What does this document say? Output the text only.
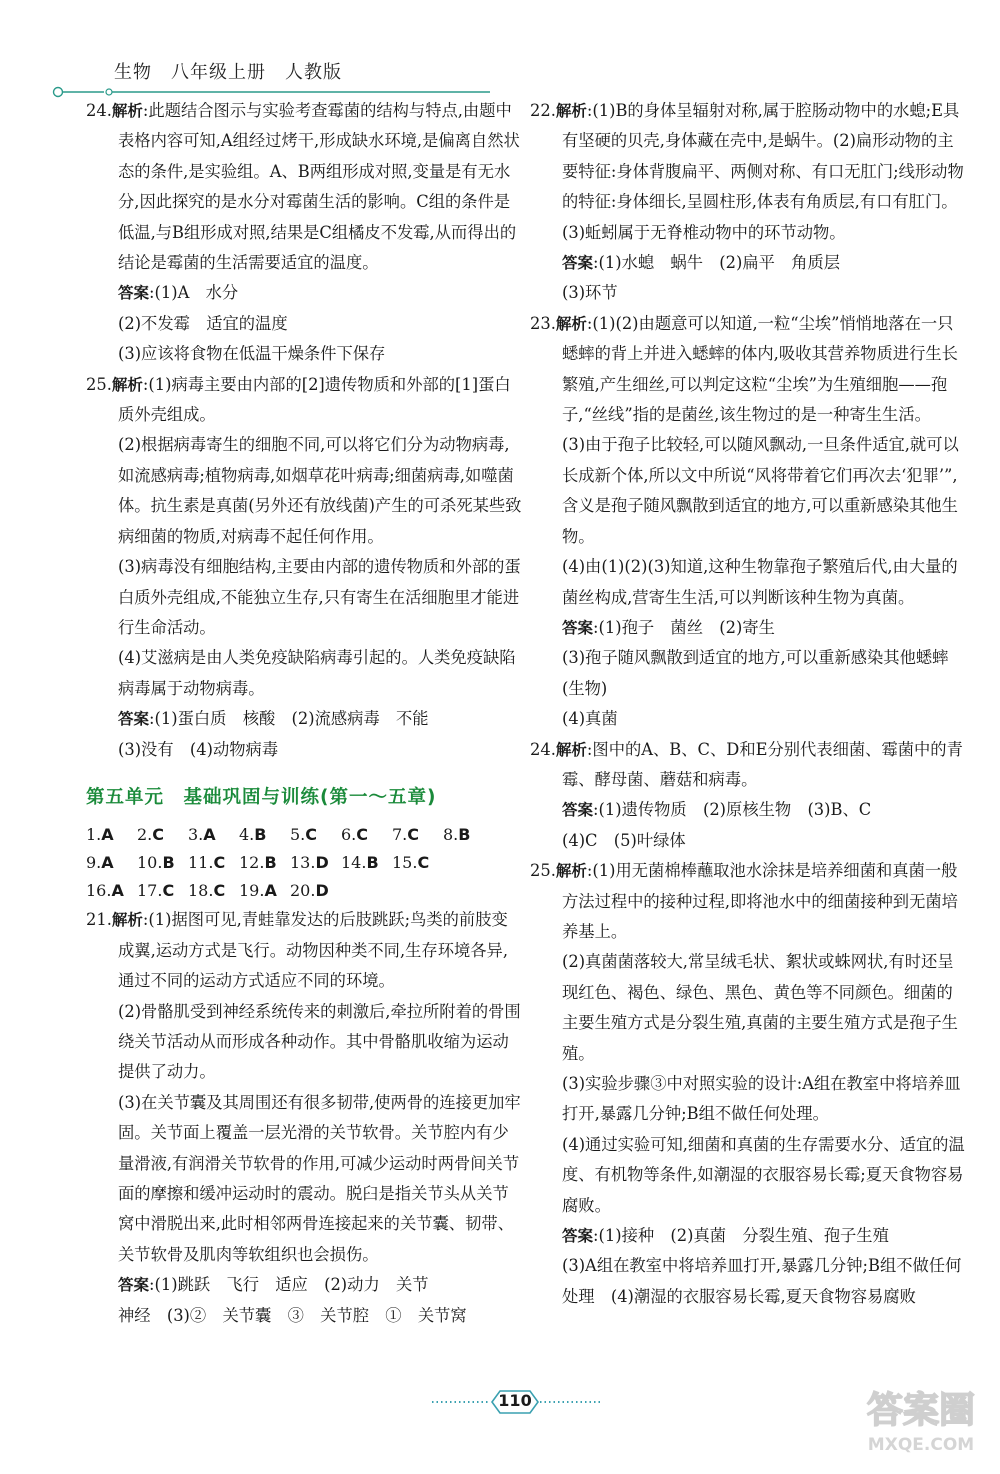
生物　八年级上册　人教版

24.解析:此题结合图示与实验考查霉菌的结构与特点,由题中表格内容可知,A组经过烤干,形成缺水环境,是偏离自然状态的条件,是实验组。A、B两组形成对照,变量是有无水分,因此探究的是水分对霉菌生活的影响。C组的条件是低温,与B组形成对照,结果是C组橘皮不发霉,从而得出的结论是霉菌的生活需要适宜的温度。

答案:(1)A　水分

(2)不发霉　适宜的温度

(3)应该将食物在低温干燥条件下保存

25.解析:(1)病毒主要由内部的[2]遗传物质和外部的[1]蛋白质外壳组成。

(2)根据病毒寄生的细胞不同,可以将它们分为动物病毒,如流感病毒;植物病毒,如烟草花叶病毒;细菌病毒,如噬菌体。抗生素是真菌(另外还有放线菌)产生的可杀死某些致病细菌的物质,对病毒不起任何作用。

(3)病毒没有细胞结构,主要由内部的遗传物质和外部的蛋白质外壳组成,不能独立生存,只有寄生在活细胞里才能进行生命活动。

(4)艾滋病是由人类免疫缺陷病毒引起的。人类免疫缺陷病毒属于动物病毒。

答案:(1)蛋白质　核酸　(2)流感病毒　不能

(3)没有　(4)动物病毒

第五单元　基础巩固与训练(第一～五章)
1.A 2.C 3.A 4.B 5.C 6.C 7.C 8.B
9.A 10.B 11.C 12.B 13.D 14.B 15.C
16.A 17.C 18.C 19.A 20.D

21.解析:(1)据图可见,青蛙靠发达的后肢跳跃;鸟类的前肢变成翼,运动方式是飞行。动物因种类不同,生存环境各异,通过不同的运动方式适应不同的环境。

(2)骨骼肌受到神经系统传来的刺激后,牵拉所附着的骨围绕关节活动从而形成各种动作。其中骨骼肌收缩为运动提供了动力。

(3)在关节囊及其周围还有很多韧带,使两骨的连接更加牢固。关节面上覆盖一层光滑的关节软骨。关节腔内有少量滑液,有润滑关节软骨的作用,可减少运动时两骨间关节面的摩擦和缓冲运动时的震动。脱臼是指关节头从关节窝中滑脱出来,此时相邻两骨连接起来的关节囊、韧带、关节软骨及肌肉等软组织也会损伤。

答案:(1)跳跃　飞行　适应　(2)动力　关节

神经　(3)②　关节囊　③　关节腔　①　关节窝

22.解析:(1)B的身体呈辐射对称,属于腔肠动物中的水螅;E具有坚硬的贝壳,身体藏在壳中,是蜗牛。(2)扁形动物的主要特征:身体背腹扁平、两侧对称、有口无肛门;线形动物的特征:身体细长,呈圆柱形,体表有角质层,有口有肛门。(3)蚯蚓属于无脊椎动物中的环节动物。

答案:(1)水螅　蜗牛　(2)扁平　角质层

(3)环节

23.解析:(1)(2)由题意可以知道,一粒“尘埃”悄悄地落在一只蟋蟀的背上并进入蟋蟀的体内,吸收其营养物质进行生长繁殖,产生细丝,可以判定这粒“尘埃”为生殖细胞——孢子,“丝线”指的是菌丝,该生物过的是一种寄生生活。

(3)由于孢子比较轻,可以随风飘动,一旦条件适宜,就可以长成新个体,所以文中所说“风将带着它们再次去‘犯罪’”,含义是孢子随风飘散到适宜的地方,可以重新感染其他生物。

(4)由(1)(2)(3)知道,这种生物靠孢子繁殖后代,由大量的菌丝构成,营寄生生活,可以判断该种生物为真菌。

答案:(1)孢子　菌丝　(2)寄生

(3)孢子随风飘散到适宜的地方,可以重新感染其他蟋蟀(生物)

(4)真菌

24.解析:图中的A、B、C、D和E分别代表细菌、霉菌中的青霉、酵母菌、蘑菇和病毒。

答案:(1)遗传物质　(2)原核生物　(3)B、C

(4)C　(5)叶绿体

25.解析:(1)用无菌棉棒蘸取池水涂抹是培养细菌和真菌一般方法过程中的接种过程,即将池水中的细菌接种到无菌培养基上。

(2)真菌菌落较大,常呈绒毛状、絮状或蛛网状,有时还呈现红色、褐色、绿色、黑色、黄色等不同颜色。细菌的主要生殖方式是分裂生殖,真菌的主要生殖方式是孢子生殖。

(3)实验步骤③中对照实验的设计:A组在教室中将培养皿打开,暴露几分钟;B组不做任何处理。

(4)通过实验可知,细菌和真菌的生存需要水分、适宜的温度、有机物等条件,如潮湿的衣服容易长霉;夏天食物容易腐败。

答案:(1)接种　(2)真菌　分裂生殖、孢子生殖

(3)A组在教室中将培养皿打开,暴露几分钟;B组不做任何处理　(4)潮湿的衣服容易长霉,夏天食物容易腐败

110	答案圈
MXQE.COM
